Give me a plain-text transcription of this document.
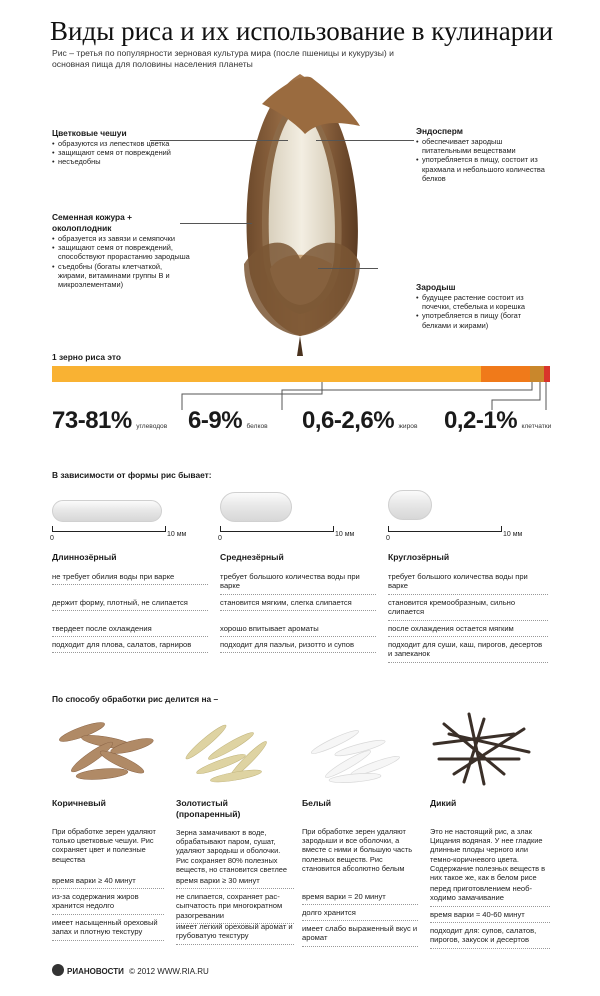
Виды риса и их использование в кулинарии
Рис – третья по популярности зерновая культура мира (после пшеницы и кукурузы) и основная пища для половины населения планеты
Цветковые чешуи
• образуются из лепестков цветка
• защищают семя от повреждений
• несъедобны
Семенная кожура + околоплодник
• образуется из завязи и семяпочки
• защищают семя от повреждений, способствуют прорастанию зародыша
• съедобны (богаты клетчаткой, жирами, витаминами группы В и микроэлементами)
Эндосперм
• обеспечивает зародыш питательными веществами
• употребляется в пищу, состоит из крахмала и небольшого количества белков
Зародыш
• будущее растение состоит из почечки, стебелька и корешка
• употребляется в пищу (богат белками и жирами)
1 зерно риса это
73-81% углеводов 6-9% белков 0,6-2,6% жиров 0,2-1% клетчатки
В зависимости от формы рис бывает:
0
10 мм
0
10 мм
0
10 мм
Длиннозёрный
не требует обилия воды при варке
держит форму, плотный, не слипается
твердеет после охлаждения
подходит для плова, салатов, гарниров
Среднезёрный
требует большого количества воды при варке
становится мягким, слегка слипается
хорошо впитывает ароматы
подходит для паэльи, ризотто и супов
Круглозёрный
требует большого количества воды при варке
становится кремообразным, сильно слипается
после охлаждения остается мягким
подходит для суши, каш, пирогов, десертов и запеканок
По способу обработки рис делится на –
Коричневый
При обработке зерен удаляют только цветковые чешуи. Рис сохраняет цвет и полезные вещества
время варки ≥ 40 минут
из-за содержания жиров хранится недолго
имеет насыщенный ореховый запах и плотную текстуру
Золотистый (пропаренный)
Зерна замачивают в воде, обрабатывают паром, сушат, удаляют зародыш и оболочки. Рис сохраняет 80% полезных веществ, но становится светлее
время варки ≥ 30 минут
не слипается, сохраняет рас- сыпчатость при многократном разогревании
имеет легкий ореховый аромат и грубоватую текстуру
Белый
При обработке зерен удаляют зародыши и все оболочки, а вместе с ними и большую часть полезных веществ. Рис становится абсолютно белым
время варки ≈ 20 минут
долго хранится
имеет слабо выраженный вкус и аромат
Дикий
Это не настоящий рис, а злак Цицания водяная. У нее гладкие длинные плоды черного или темно-коричневого цвета. Содержание полезных веществ в них такое же, как в белом рисе
перед приготовлением необ- ходимо замачивание
время варки ≈ 40-60 минут
подходит для: супов, салатов, пирогов, закусок и десертов
РИАНОВОСТИ © 2012 WWW.RIA.RU
